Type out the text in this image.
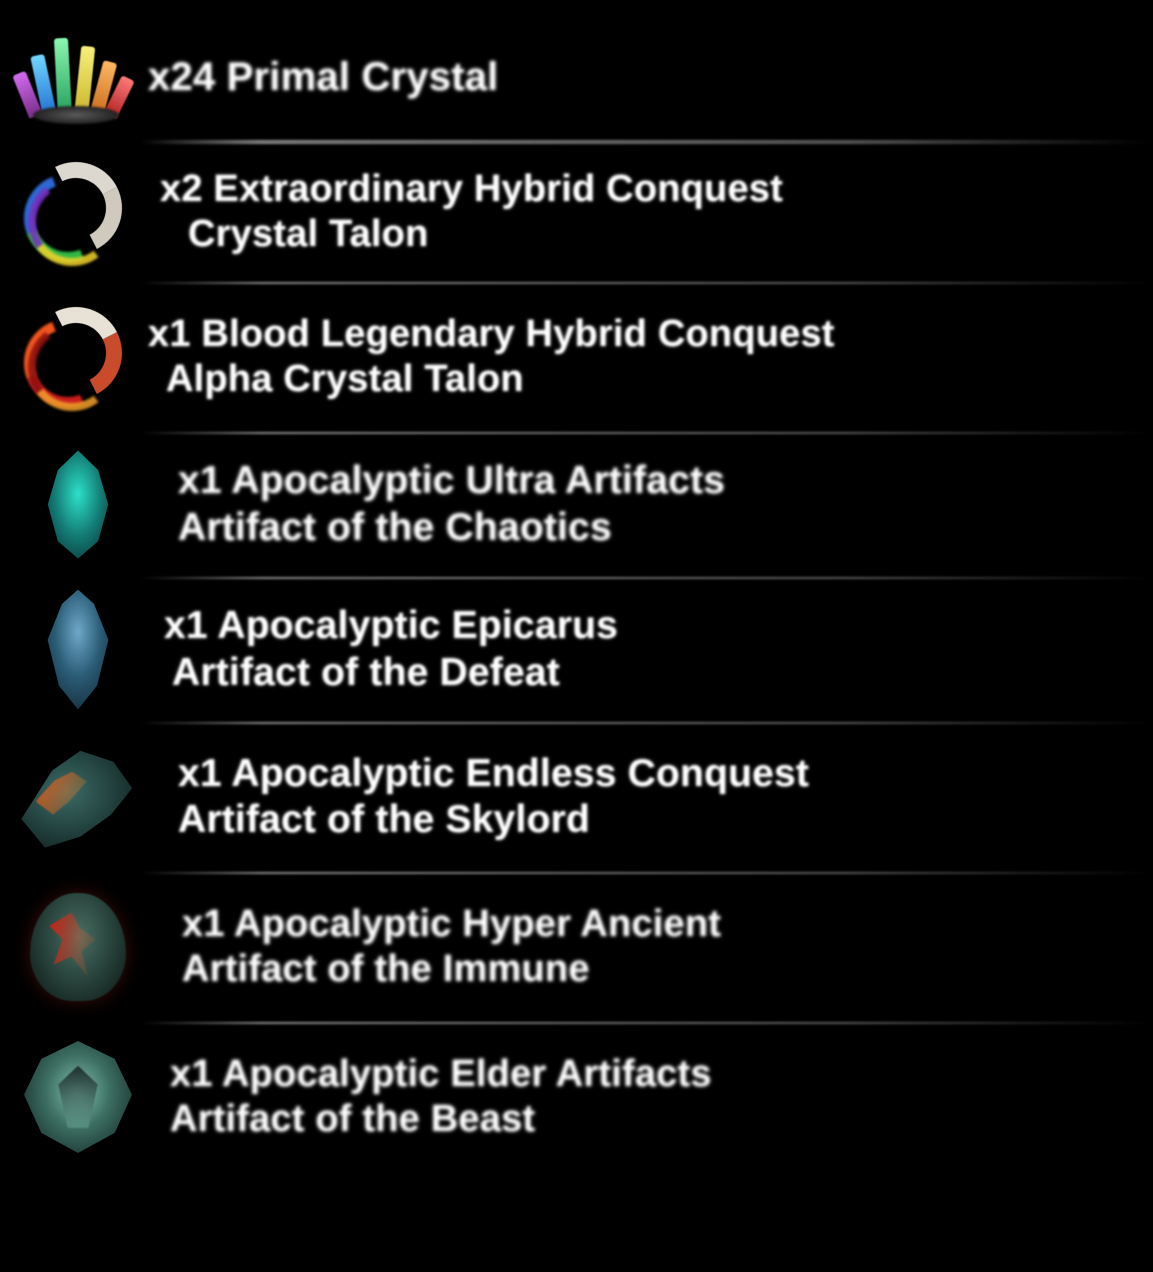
x24 Primal Crystal
x2 Extraordinary Hybrid Conquest
Crystal Talon
x1 Blood Legendary Hybrid Conquest
Alpha Crystal Talon
x1 Apocalyptic Ultra Artifacts
Artifact of the Chaotics
x1 Apocalyptic Epicarus
Artifact of the Defeat
x1 Apocalyptic Endless Conquest
Artifact of the Skylord
x1 Apocalyptic Hyper Ancient
Artifact of the Immune
x1 Apocalyptic Elder Artifacts
Artifact of the Beast
